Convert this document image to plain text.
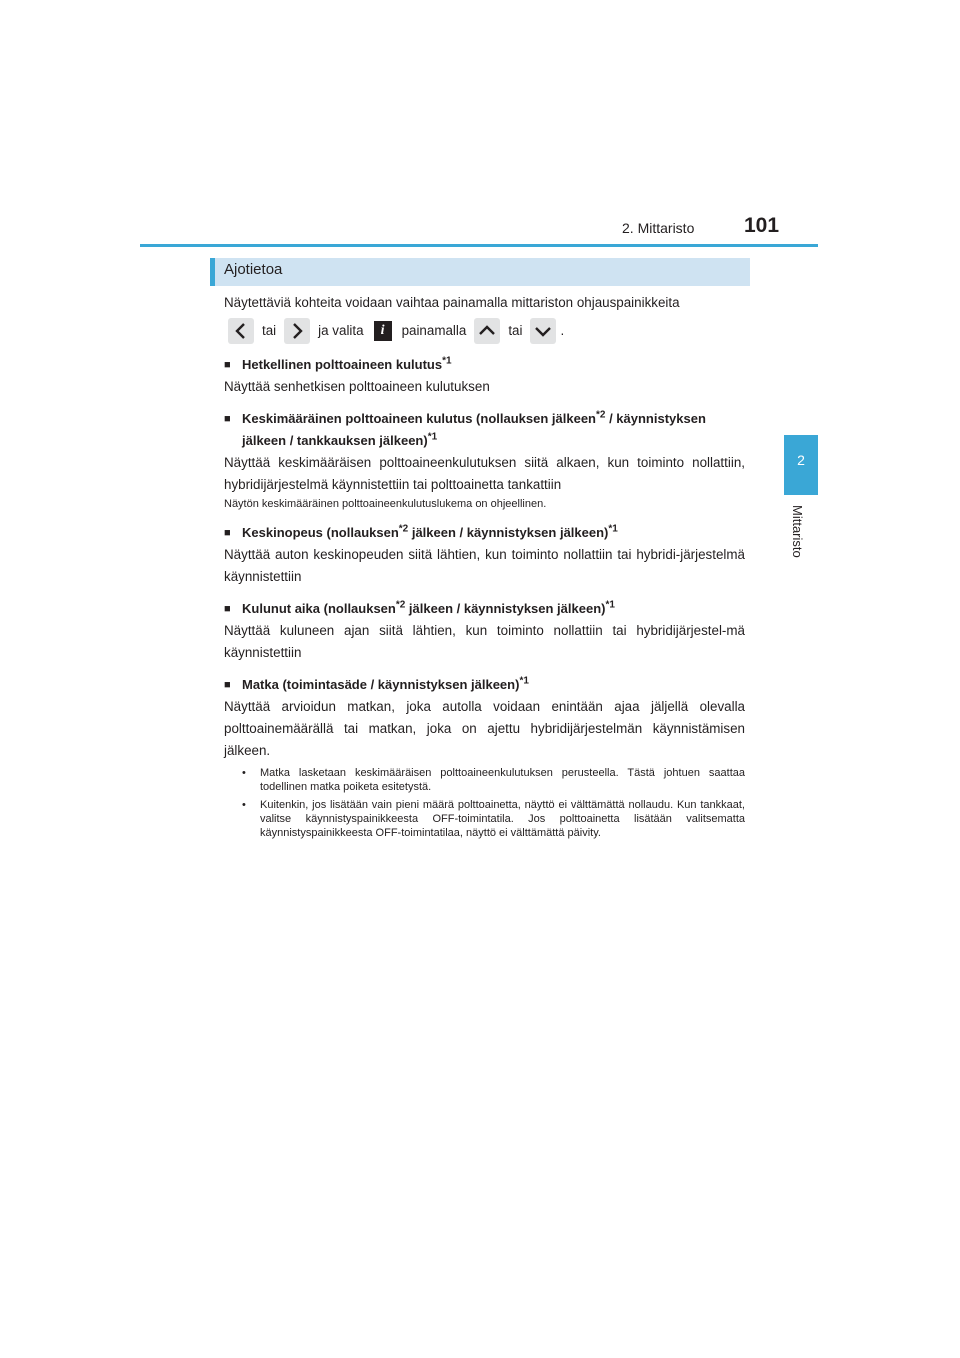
2. Mittaristo 101
2
Mittaristo
Ajotietoa

Näytettäviä kohteita voidaan vaihtaa painamalla mittariston ohjauspainikkeita

tai	ja valita	i	painamalla	tai	.
■ Hetkellinen polttoaineen kulutus$^{*1}$

Näyttää senhetkisen polttoaineen kulutuksen

■ Keskimääräinen polttoaineen kulutus (nollauksen jälkeen$^{*2}$ / käynnistyksen jälkeen / tankkauksen jälkeen)$^{*1}$

Näyttää keskimääräisen polttoaineenkulutuksen siitä alkaen, kun toiminto nollattiin, hybridijärjestelmä käynnistettiin tai polttoainetta tankattiin

Näytön keskimääräinen polttoaineenkulutuslukema on ohjeellinen.

■ Keskinopeus (nollauksen$^{*2}$ jälkeen / käynnistyksen jälkeen)$^{*1}$

Näyttää auton keskinopeuden siitä lähtien, kun toiminto nollattiin tai hybridi-järjestelmä käynnistettiin

■ Kulunut aika (nollauksen$^{*2}$ jälkeen / käynnistyksen jälkeen)$^{*1}$

Näyttää kuluneen ajan siitä lähtien, kun toiminto nollattiin tai hybridijärjestel-mä käynnistettiin

■ Matka (toimintasäde / käynnistyksen jälkeen)$^{*1}$

Näyttää arvioidun matkan, joka autolla voidaan enintään ajaa jäljellä olevalla polttoainemäärällä tai matkan, joka on ajettu hybridijärjestelmän käynnistämisen jälkeen.

•	Matka lasketaan keskimääräisen polttoaineenkulutuksen perusteella. Tästä johtuen saattaa todellinen matka poiketa esitetystä.
•	Kuitenkin, jos lisätään vain pieni määrä polttoainetta, näyttö ei välttämättä nollaudu. Kun tankkaat, valitse käynnistyspainikkeesta OFF-toimintatila. Jos polttoainetta lisätään valitsematta käynnistyspainikkeesta OFF-toimintatilaa, näyttö ei välttämättä päivity.
